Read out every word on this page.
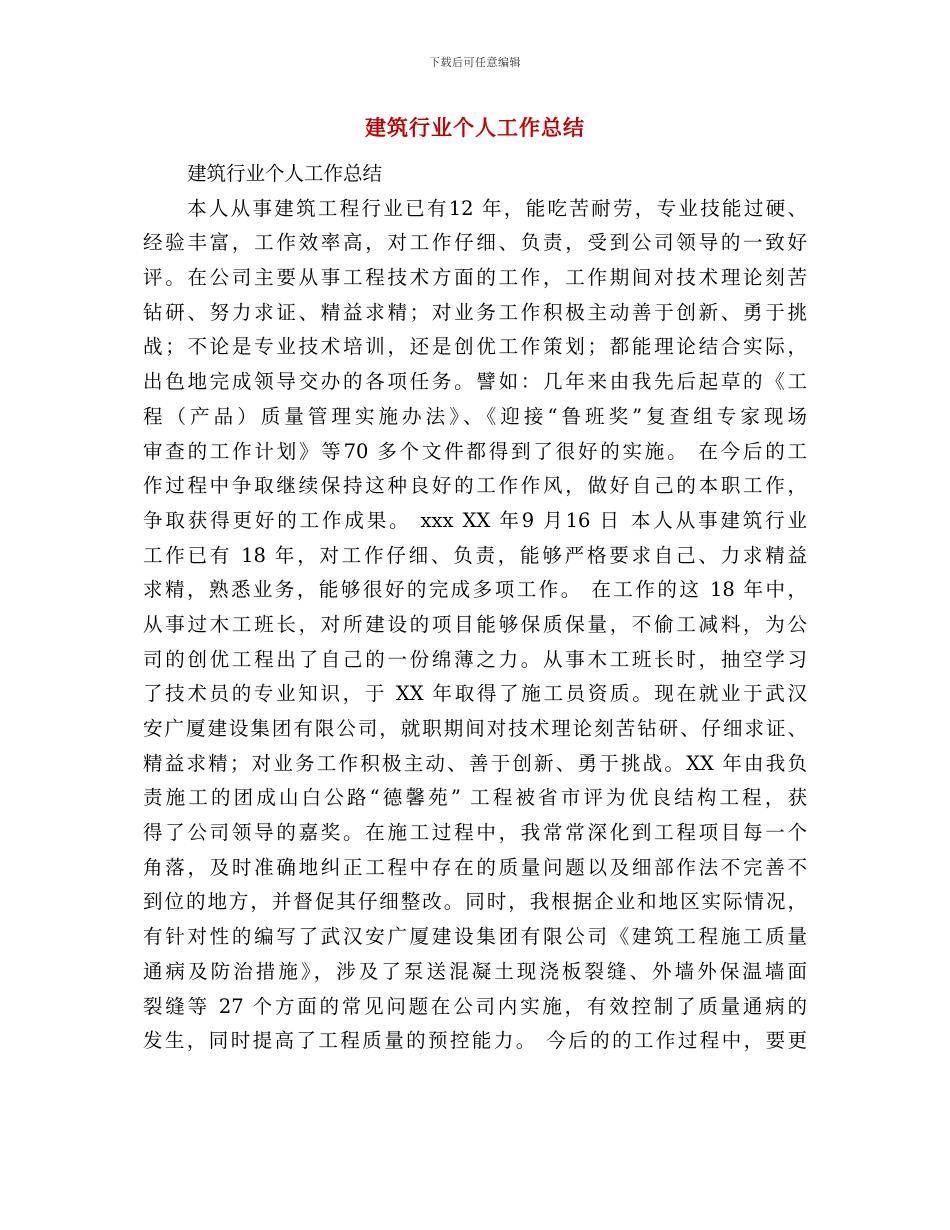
下载后可任意编辑
建筑行业个人工作总结
建筑行业个人工作总结
本人从事建筑工程行业已有12 年，能吃苦耐劳，专业技能过硬、
经验丰富，工作效率高，对工作仔细、负责，受到公司领导的一致好
评。在公司主要从事工程技术方面的工作，工作期间对技术理论刻苦
钻研、努力求证、精益求精；对业务工作积极主动善于创新、勇于挑
战；不论是专业技术培训，还是创优工作策划；都能理论结合实际，
出色地完成领导交办的各项任务。譬如：几年来由我先后起草的《工
程（产品）质量管理实施办法》、《迎接“鲁班奖”复查组专家现场
审查的工作计划》等70 多个文件都得到了很好的实施。 在今后的工
作过程中争取继续保持这种良好的工作作风，做好自己的本职工作，
争取获得更好的工作成果。 xxx XX 年9 月16 日 本人从事建筑行业
工作已有 18 年，对工作仔细、负责，能够严格要求自己、力求精益
求精，熟悉业务，能够很好的完成多项工作。 在工作的这 18 年中，
从事过木工班长，对所建设的项目能够保质保量，不偷工减料，为公
司的创优工程出了自己的一份绵薄之力。从事木工班长时，抽空学习
了技术员的专业知识，于 XX 年取得了施工员资质。现在就业于武汉
安广厦建设集团有限公司，就职期间对技术理论刻苦钻研、仔细求证、
精益求精；对业务工作积极主动、善于创新、勇于挑战。XX 年由我负
责施工的团成山白公路“德馨苑” 工程被省市评为优良结构工程，获
得了公司领导的嘉奖。在施工过程中，我常常深化到工程项目每一个
角落，及时准确地纠正工程中存在的质量问题以及细部作法不完善不
到位的地方，并督促其仔细整改。同时，我根据企业和地区实际情况，
有针对性的编写了武汉安广厦建设集团有限公司《建筑工程施工质量
通病及防治措施》，涉及了泵送混凝土现浇板裂缝、外墙外保温墙面
裂缝等 27 个方面的常见问题在公司内实施，有效控制了质量通病的
发生，同时提高了工程质量的预控能力。 今后的的工作过程中，要更
